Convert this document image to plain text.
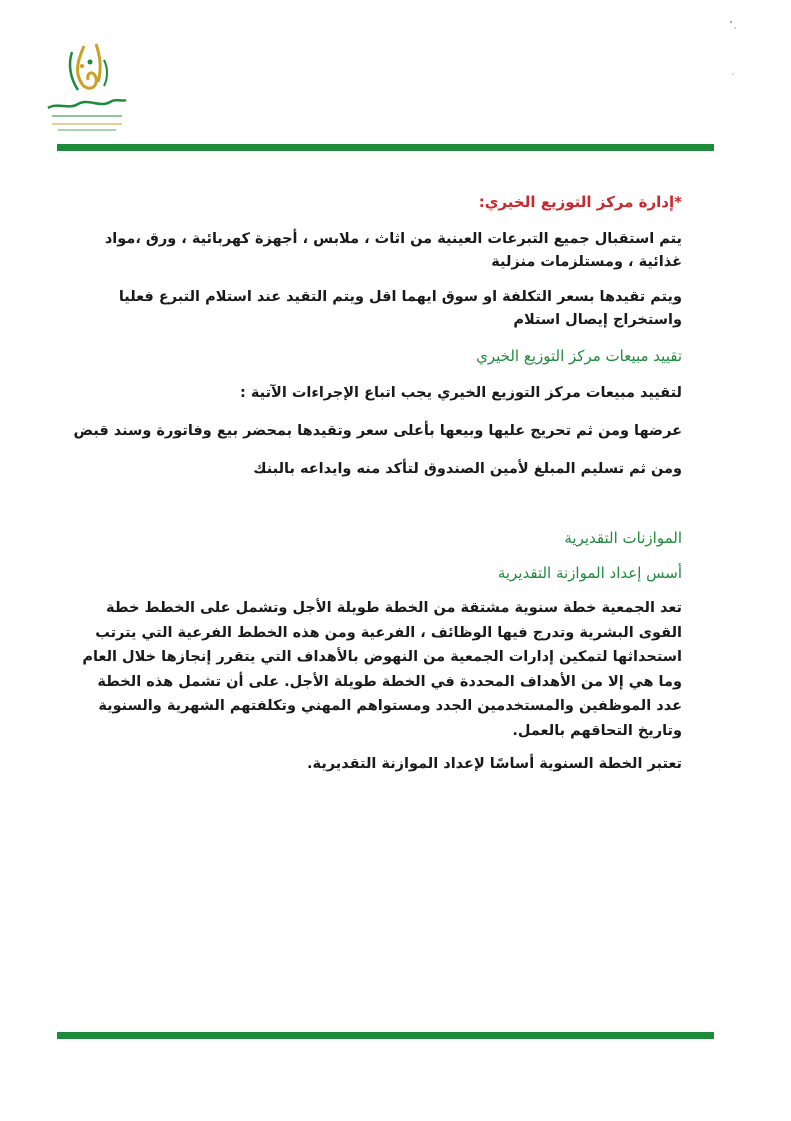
*إدارة مركز التوزيع الخيري:

يتم استقبال جميع التبرعات العينية من اثاث ، ملابس ، أجهزة كهربائية ، ورق ،مواد غذائية ، ومستلزمات منزلية

ويتم تقيدها بسعر التكلفة او سوق ايهما اقل ويتم التقيد عند استلام التبرع فعليا واستخراج إيصال استلام

تقييد مبيعات مركز التوزيع الخيري

لتقييد مبيعات مركز التوزيع الخيري يجب اتباع الإجراءات الآتية :

عرضها ومن ثم تحريج عليها وبيعها بأعلى سعر وتقيدها بمحضر بيع وفاتورة وسند قبض

ومن ثم تسليم المبلغ لأمين الصندوق لتأكد منه وايداعه بالبنك

الموازنات التقديرية

أسس إعداد الموازنة التقديرية

تعد الجمعية خطة سنوية مشتقة من الخطة طويلة الأجل وتشمل على الخطط خطة القوى البشرية وتدرج فيها الوظائف ، الفرعية ومن هذه الخطط الفرعية التي يترتب استحداثها لتمكين إدارات الجمعية من النهوض بالأهداف التي يتقرر إنجازها خلال العام وما هي إلا من الأهداف المحددة في الخطة طويلة الأجل. على أن تشمل هذه الخطة عدد الموظفين والمستخدمين الجدد ومستواهم المهني وتكلفتهم الشهرية والسنوية وتاريخ التحاقهم بالعمل.

تعتبر الخطة السنوية أساسًا لإعداد الموازنة التقديرية.
